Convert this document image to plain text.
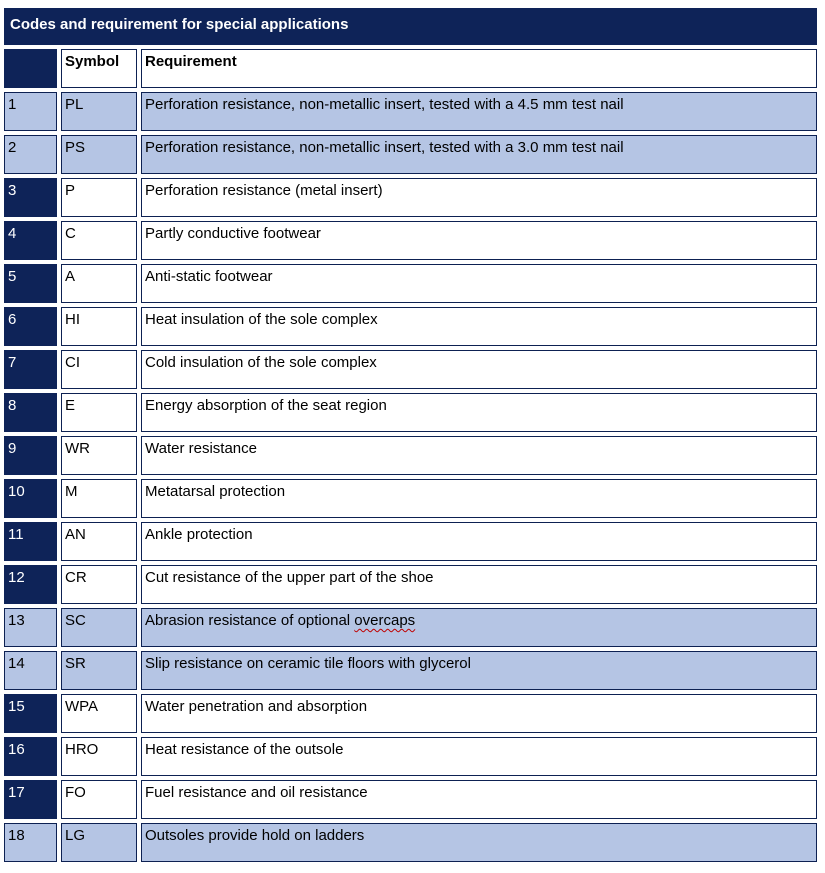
Codes and requirement for special applications		
	Symbol	Requirement
1	PL	Perforation resistance, non-metallic insert, tested with a 4.5 mm test nail
2	PS	Perforation resistance, non-metallic insert, tested with a 3.0 mm test nail
3	P	Perforation resistance (metal insert)
4	C	Partly conductive footwear
5	A	Anti-static footwear
6	HI	Heat insulation of the sole complex
7	CI	Cold insulation of the sole complex
8	E	Energy absorption of the seat region
9	WR	Water resistance
10	M	Metatarsal protection
11	AN	Ankle protection
12	CR	Cut resistance of the upper part of the shoe
13	SC	Abrasion resistance of optional overcaps
14	SR	Slip resistance on ceramic tile floors with glycerol
15	WPA	Water penetration and absorption
16	HRO	Heat resistance of the outsole
17	FO	Fuel resistance and oil resistance
18	LG	Outsoles provide hold on ladders
